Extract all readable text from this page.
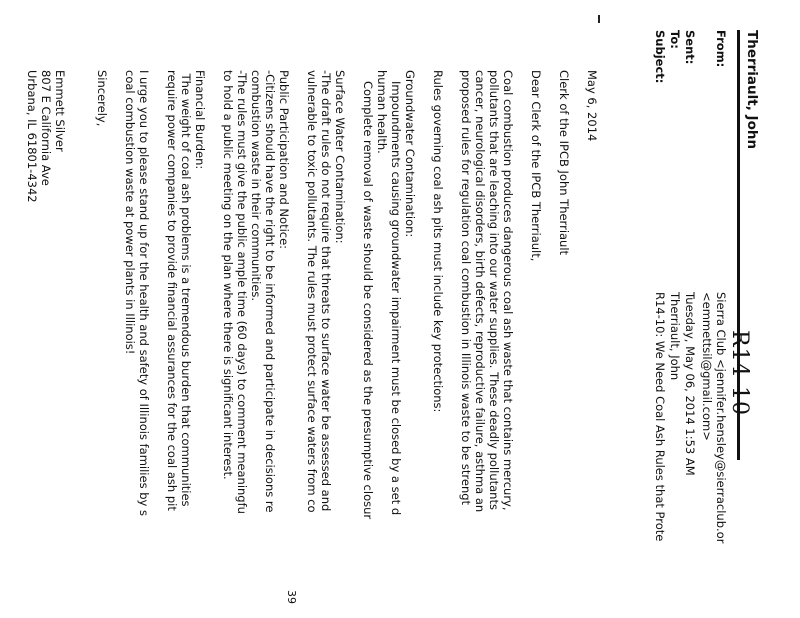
R14-10
Therriault, John
From:
Sierra Club <jennifer.hensley@sierraclub.or
<emmettsil@gmail.com>
Sent:
Tuesday, May 06, 2014 1:53 AM
To:
Therriault, John
Subject:
R14-10: We Need Coal Ash Rules that Prote
May 6, 2014
Clerk of the IPCB John Therriault
Dear Clerk of the IPCB Therriault,
Coal combustion produces dangerous coal ash waste that contains mercury,
pollutants that are leaching into our water supplies. These deadly pollutants
cancer, neurological disorders, birth defects, reproductive failure, asthma an
proposed rules for regulation coal combustion in Illinois waste to be strengt
Rules governing coal ash pits must include key protections:
Groundwater Contamination:
Impoundments causing groundwater impairment must be closed by a set d
human health.
Complete removal of waste should be considered as the presumptive closur
Surface Water Contamination:
-The draft rules do not require that threats to surface water be assessed and
vulnerable to toxic pollutants. The rules must protect surface waters from co
Public Participation and Notice:
-Citizens should have the right to be informed and participate in decisions re
combustion waste in their communities.
-The rules must give the public ample time (60 days) to comment meaningfu
to hold a public meeting on the plan where there is significant interest.
Financial Burden:
The weight of coal ash problems is a tremendous burden that communities
require power companies to provide financial assurances for the coal ash pit
I urge you to please stand up for the health and safety of Illinois families by s
coal combustion waste at power plants in Illinois!
Sincerely,
Emmett Silver
807 E California Ave
Urbana, IL 61801-4342
39
